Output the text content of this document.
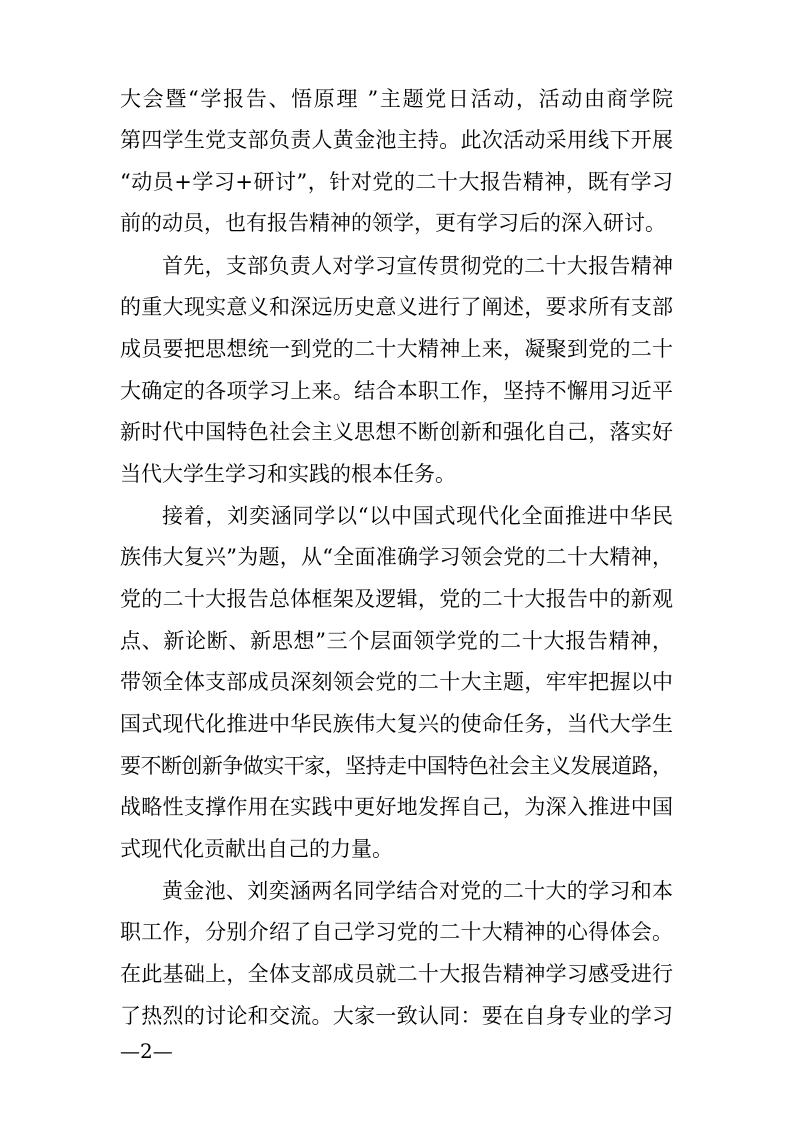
大会暨“学报告、悟原理 ”主题党日活动，活动由商学院
第四学生党支部负责人黄金池主持。此次活动采用线下开展
“动员+学习+研讨”，针对党的二十大报告精神，既有学习
前的动员，也有报告精神的领学，更有学习后的深入研讨。
首先，支部负责人对学习宣传贯彻党的二十大报告精神
的重大现实意义和深远历史意义进行了阐述，要求所有支部
成员要把思想统一到党的二十大精神上来，凝聚到党的二十
大确定的各项学习上来。结合本职工作，坚持不懈用习近平
新时代中国特色社会主义思想不断创新和强化自己，落实好
当代大学生学习和实践的根本任务。
接着，刘奕涵同学以“以中国式现代化全面推进中华民
族伟大复兴”为题，从“全面准确学习领会党的二十大精神，
党的二十大报告总体框架及逻辑，党的二十大报告中的新观
点、新论断、新思想”三个层面领学党的二十大报告精神，
带领全体支部成员深刻领会党的二十大主题，牢牢把握以中
国式现代化推进中华民族伟大复兴的使命任务，当代大学生
要不断创新争做实干家，坚持走中国特色社会主义发展道路，
战略性支撑作用在实践中更好地发挥自己，为深入推进中国
式现代化贡献出自己的力量。
黄金池、刘奕涵两名同学结合对党的二十大的学习和本
职工作，分别介绍了自己学习党的二十大精神的心得体会。
在此基础上，全体支部成员就二十大报告精神学习感受进行
了热烈的讨论和交流。大家一致认同：要在自身专业的学习
—2—
